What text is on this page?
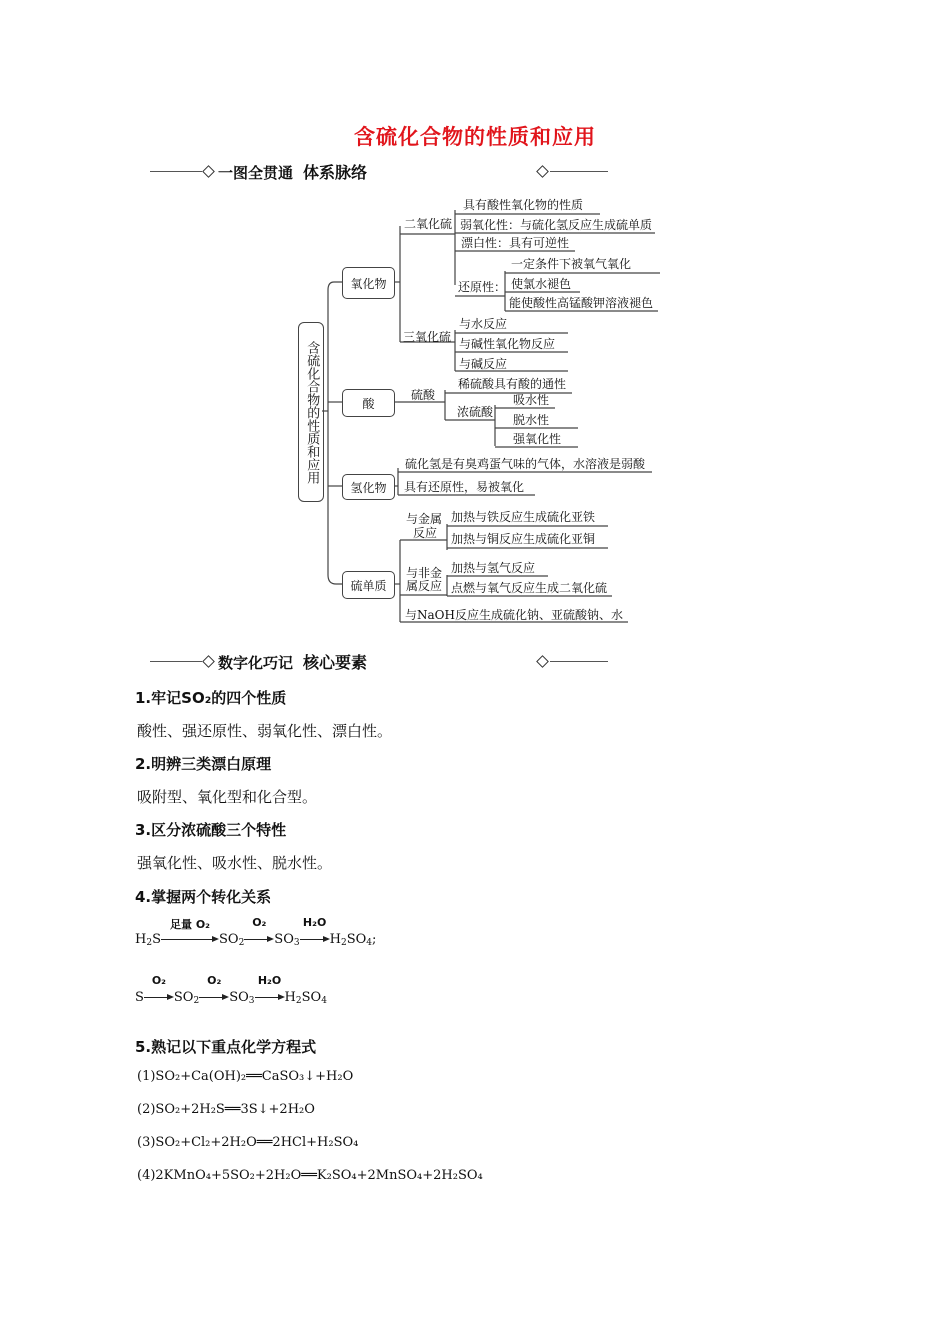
含硫化合物的性质和应用
一图全贯通 体系脉络
含硫化合物的性质和应用
氧化物
酸
氢化物
硫单质
二氧化硫
具有酸性氧化物的性质
弱氧化性：与硫化氢反应生成硫单质
漂白性：具有可逆性
还原性：
一定条件下被氧气氧化
使氯水褪色
能使酸性高锰酸钾溶液褪色
三氧化硫
与水反应
与碱性氧化物反应
与碱反应
硫酸
稀硫酸具有酸的通性
浓硫酸
吸水性
脱水性
强氧化性
硫化氢是有臭鸡蛋气味的气体，水溶液是弱酸
具有还原性，易被氧化
与金属
反应
加热与铁反应生成硫化亚铁
加热与铜反应生成硫化亚铜
与非金
属反应
加热与氢气反应
点燃与氧气反应生成二氧化硫
与NaOH反应生成硫化钠、亚硫酸钠、水
数字化巧记 核心要素
1.牢记SO₂的四个性质
酸性、强还原性、弱氧化性、漂白性。
2.明辨三类漂白原理
吸附型、氧化型和化合型。
3.区分浓硫酸三个特性
强氧化性、吸水性、脱水性。
4.掌握两个转化关系
$H_2S$
足量 O₂
$SO_2$
O₂
$SO_3$
H₂O
$H_2SO_4$;
S
O₂
$SO_2$
O₂
$SO_3$
H₂O
$H_2SO_4$
5.熟记以下重点化学方程式
(1)SO₂+Ca(OH)₂══CaSO₃↓+H₂O
(2)SO₂+2H₂S══3S↓+2H₂O
(3)SO₂+Cl₂+2H₂O══2HCl+H₂SO₄
(4)2KMnO₄+5SO₂+2H₂O══K₂SO₄+2MnSO₄+2H₂SO₄
